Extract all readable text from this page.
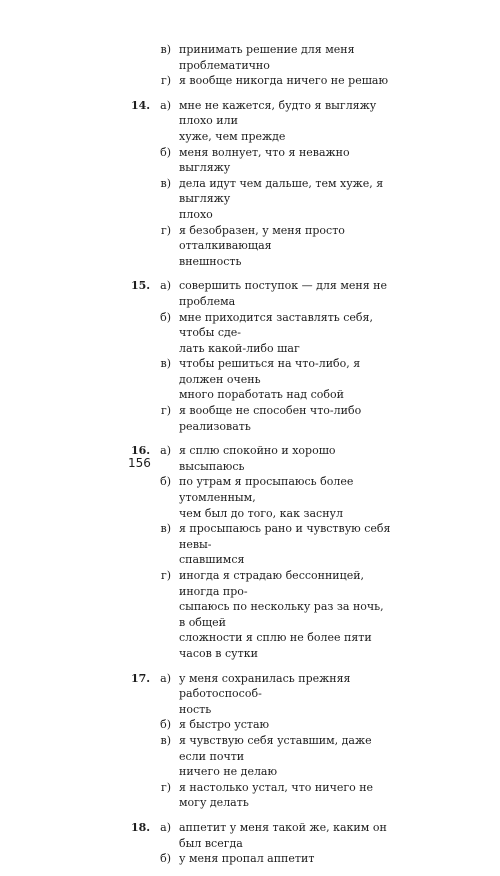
в) принимать решение для меня проблематично
г) я вообще никогда ничего не решаю
14. а) мне не кажется, будто я выгляжу плохо или
хуже, чем прежде
б) меня волнует, что я неважно выгляжу
в) дела идут чем дальше, тем хуже, я выгляжу
плохо
г) я безобразен, у меня просто отталкивающая
внешность
15. а) совершить поступок — для меня не проблема
б) мне приходится заставлять себя, чтобы сде-
лать какой-либо шаг
в) чтобы решиться на что-либо, я должен очень
много поработать над собой
г) я вообще не способен что-либо реализовать
16. а) я сплю спокойно и хорошо высыпаюсь
б) по утрам я просыпаюсь более утомленным,
чем был до того, как заснул
в) я просыпаюсь рано и чувствую себя невы-
спавшимся
г) иногда я страдаю бессонницей, иногда про-
сыпаюсь по нескольку раз за ночь, в общей
сложности я сплю не более пяти часов в сутки
17. а) у меня сохранилась прежняя работоспособ-
ность
б) я быстро устаю
в) я чувствую себя уставшим, даже если почти
ничего не делаю
г) я настолько устал, что ничего не могу делать
18. а) аппетит у меня такой же, каким он был всегда
б) у меня пропал аппетит
156
